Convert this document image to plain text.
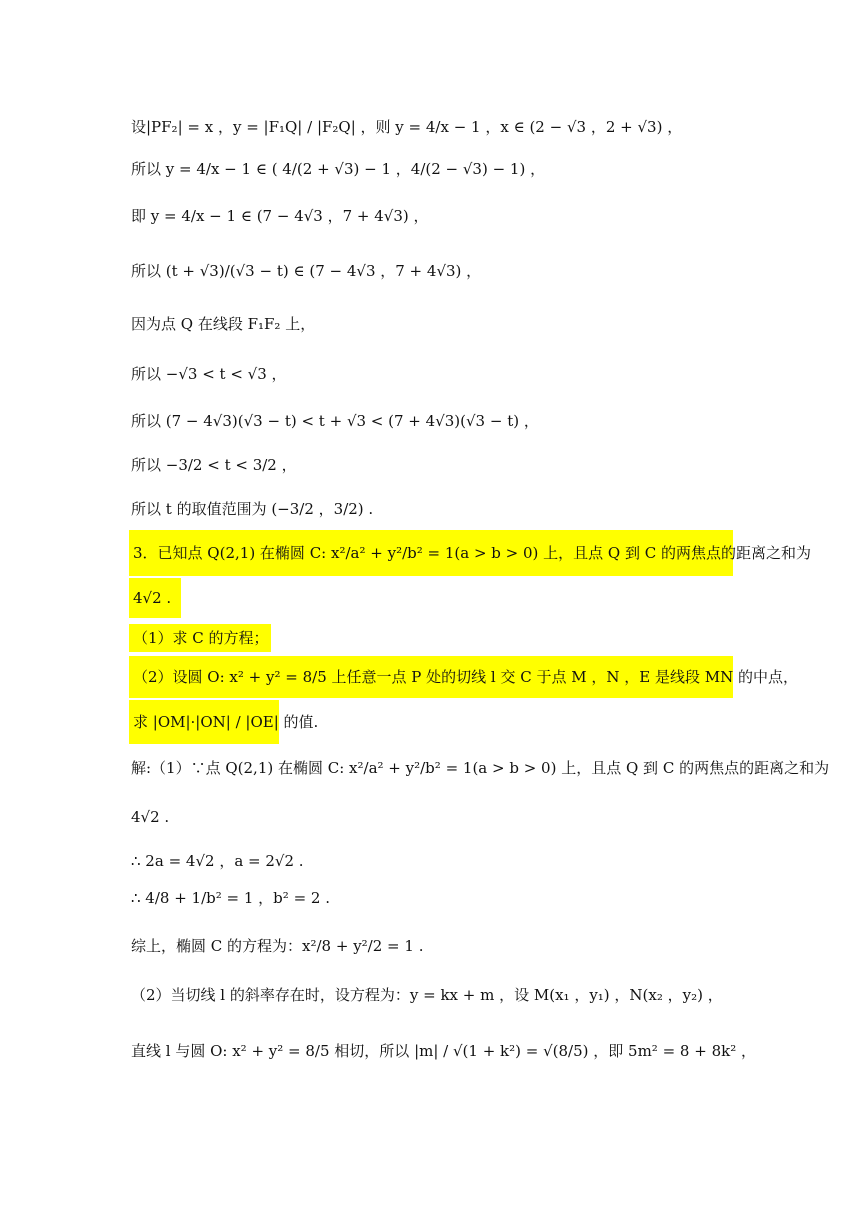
设|PF₂| = x ，y = |F₁Q| / |F₂Q| ，则 y = 4/x − 1 ，x ∈ (2 − √3 ，2 + √3) ，
所以 y = 4/x − 1 ∈ ( 4/(2 + √3) − 1 ，4/(2 − √3) − 1) ，
即 y = 4/x − 1 ∈ (7 − 4√3 ，7 + 4√3) ，
所以 (t + √3)/(√3 − t) ∈ (7 − 4√3 ，7 + 4√3) ，
因为点 Q 在线段 F₁F₂ 上，
所以 −√3 < t < √3 ，
所以 (7 − 4√3)(√3 − t) < t + √3 < (7 + 4√3)(√3 − t) ，
所以 −3/2 < t < 3/2 ，
所以 t 的取值范围为 (−3/2 ，3/2) .
3．已知点 Q(2,1) 在椭圆 C: x²/a² + y²/b² = 1(a > b > 0) 上，且点 Q 到 C 的两焦点的距离之和为
4√2 .
（1）求 C 的方程；
（2）设圆 O: x² + y² = 8/5 上任意一点 P 处的切线 l 交 C 于点 M ，N ，E 是线段 MN 的中点，
求 |OM|·|ON| / |OE| 的值.
解:（1）∵点 Q(2,1) 在椭圆 C: x²/a² + y²/b² = 1(a > b > 0) 上，且点 Q 到 C 的两焦点的距离之和为
4√2 .
∴ 2a = 4√2 ，a = 2√2 .
∴ 4/8 + 1/b² = 1 ，b² = 2 .
综上，椭圆 C 的方程为：x²/8 + y²/2 = 1 .
（2）当切线 l 的斜率存在时，设方程为：y = kx + m ，设 M(x₁ ，y₁) ，N(x₂ ，y₂) ，
直线 l 与圆 O: x² + y² = 8/5 相切，所以 |m| / √(1 + k²) = √(8/5) ，即 5m² = 8 + 8k² ，
